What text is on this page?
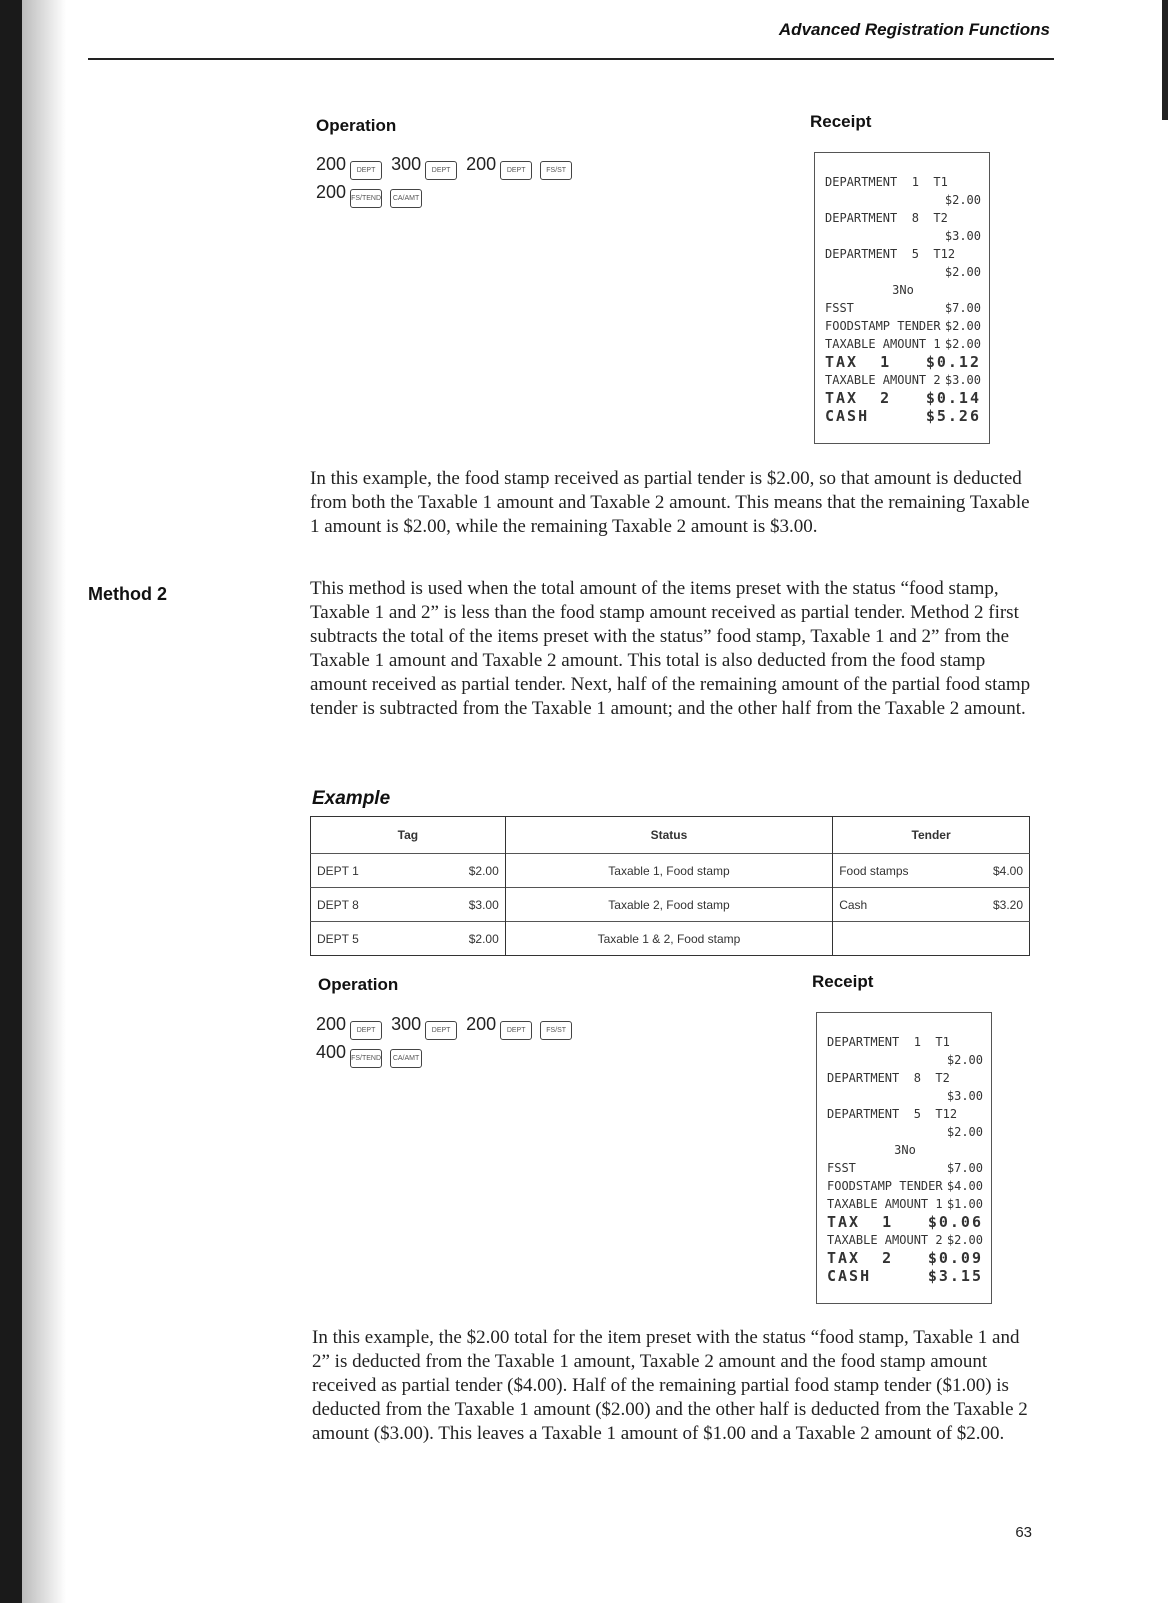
Advanced Registration Functions
Operation	Receipt
200 DEPT 300 DEPT 200 DEPT	FS/ST
200 FS/TEND CA/AMT
DEPARTMENT  1  T1
$2.00
DEPARTMENT  8  T2
$3.00
DEPARTMENT  5  T12
$2.00
3No
FSST	$7.00
FOODSTAMP TENDER $2.00
TAXABLE AMOUNT 1 $2.00
TAX  1 $0.12
TAXABLE AMOUNT 2 $3.00
TAX  2 $0.14
CASH	$5.26

In this example, the food stamp received as partial tender is $2.00, so that amount is deducted from both the Taxable 1 amount and Taxable 2 amount. This means that the remaining Taxable 1 amount is $2.00, while the remaining Taxable 2 amount is $3.00.

Method 2	This method is used when the total amount of the items preset with the status “food stamp, Taxable 1 and 2” is less than the food stamp amount received as partial tender. Method 2 first subtracts the total of the items preset with the status” food stamp, Taxable 1 and 2” from the Taxable 1 amount and Taxable 2 amount. This total is also deducted from the food stamp amount received as partial tender. Next, half of the remaining amount of the partial food stamp tender is subtracted from the Taxable 1 amount; and the other half from the Taxable 2 amount.

Example
Tag		Status	Tender	
DEPT 1	$2.00	Taxable 1, Food stamp	Food stamps	$4.00
DEPT 8	$3.00	Taxable 2, Food stamp	Cash	$3.20
DEPT 5	$2.00	Taxable 1 & 2, Food stamp		
Operation	Receipt
200 DEPT 300 DEPT 200 DEPT	FS/ST
400 FS/TEND CA/AMT
DEPARTMENT  1  T1
$2.00
DEPARTMENT  8  T2
$3.00
DEPARTMENT  5  T12
$2.00
3No
FSST	$7.00
FOODSTAMP TENDER $4.00
TAXABLE AMOUNT 1 $1.00
TAX  1 $0.06
TAXABLE AMOUNT 2 $2.00
TAX  2 $0.09
CASH	$3.15

In this example, the $2.00 total for the item preset with the status “food stamp, Taxable 1 and 2” is deducted from the Taxable 1 amount, Taxable 2 amount and the food stamp amount received as partial tender ($4.00). Half of the remaining partial food stamp tender ($1.00) is deducted from the Taxable 1 amount ($2.00) and the other half is deducted from the Taxable 2 amount ($3.00). This leaves a Taxable 1 amount of $1.00 and a Taxable 2 amount of $2.00.

63
